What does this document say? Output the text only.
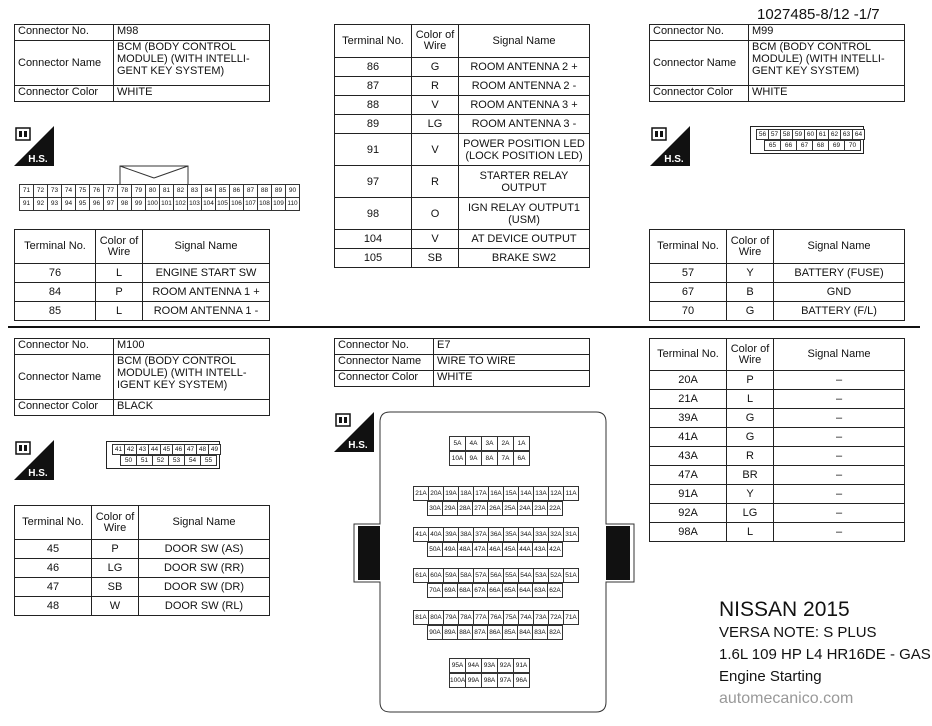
1027485-8/12 -1/7
Connector No.	M98
Connector Name	BCM (BODY CONTROL
MODULE) (WITH INTELLI-
GENT KEY SYSTEM)

Connector Color	WHITE
H.S.
71	72	73	74	75	76	77	78	79	80	81	82	83	84	85	86	87	88	89	90
91	92	93	94	95	96	97	98	99 100 101 102 103 104 105 106 107 108 109 110
Terminal No.	Color of Wire	Signal Name
76	L	ENGINE START SW
84	P	ROOM ANTENNA 1 +
85	L	ROOM ANTENNA 1 -
Terminal No.	Color of Wire	Signal Name
86	G	ROOM ANTENNA 2 +
87	R	ROOM ANTENNA 2 -
88	V	ROOM ANTENNA 3 +
89	LG	ROOM ANTENNA 3 -
91	V	POWER POSITION LED (LOCK POSITION LED)
97	R	STARTER RELAY OUTPUT
98	O	IGN RELAY OUTPUT1 (USM)
104	V	AT DEVICE OUTPUT
105	SB	BRAKE SW2
Connector No.	M99
Connector Name	BCM (BODY CONTROL
MODULE) (WITH INTELLI-
GENT KEY SYSTEM)

Connector Color	WHITE
H.S.
56 57 58 59 60 61 62 63 64
65	66	67	68	69	70
Terminal No.	Color of Wire	Signal Name
57	Y	BATTERY (FUSE)
67	B	GND
70	G	BATTERY (F/L)
Connector No.	M100
Connector Name	BCM (BODY CONTROL
MODULE) (WITH INTELL-
IGENT KEY SYSTEM)

Connector Color	BLACK
H.S.
41 42 43 44 45 46 47 48 49
50	51	52	53	54	55
Terminal No.	Color of Wire	Signal Name
45	P	DOOR SW (AS)
46	LG	DOOR SW (RR)
47	SB	DOOR SW (DR)
48	W	DOOR SW (RL)
Connector No.	E7
Connector Name	WIRE TO WIRE
Connector Color	WHITE
H.S.	5A	4A	3A	2A	1A
10A 9A	8A	7A	6A
21A 20A 19A 18A 17A 16A 15A 14A 13A 12A 11A
30A 29A 28A 27A 26A 25A 24A 23A 22A
41A 40A 39A 38A 37A 36A 35A 34A 33A 32A 31A
50A 49A 48A 47A 46A 45A 44A 43A 42A
61A 60A 59A 58A 57A 56A 55A 54A 53A 52A 51A
70A 69A 68A 67A 66A 65A 64A 63A 62A
81A 80A 79A 78A 77A 76A 75A 74A 73A 72A 71A
90A 89A 88A 87A 86A 85A 84A 83A 82A
95A 94A 93A 92A 91A
100A 99A 98A 97A 96A
Terminal No.	Color of Wire	Signal Name
20A	P	–
21A	L	–
39A	G	–
41A	G	–
43A	R	–
47A	BR	–
91A	Y	–
92A	LG	–
98A	L	–
NISSAN 2015
VERSA NOTE: S PLUS
1.6L 109 HP L4 HR16DE - GAS
Engine Starting
automecanico.com
